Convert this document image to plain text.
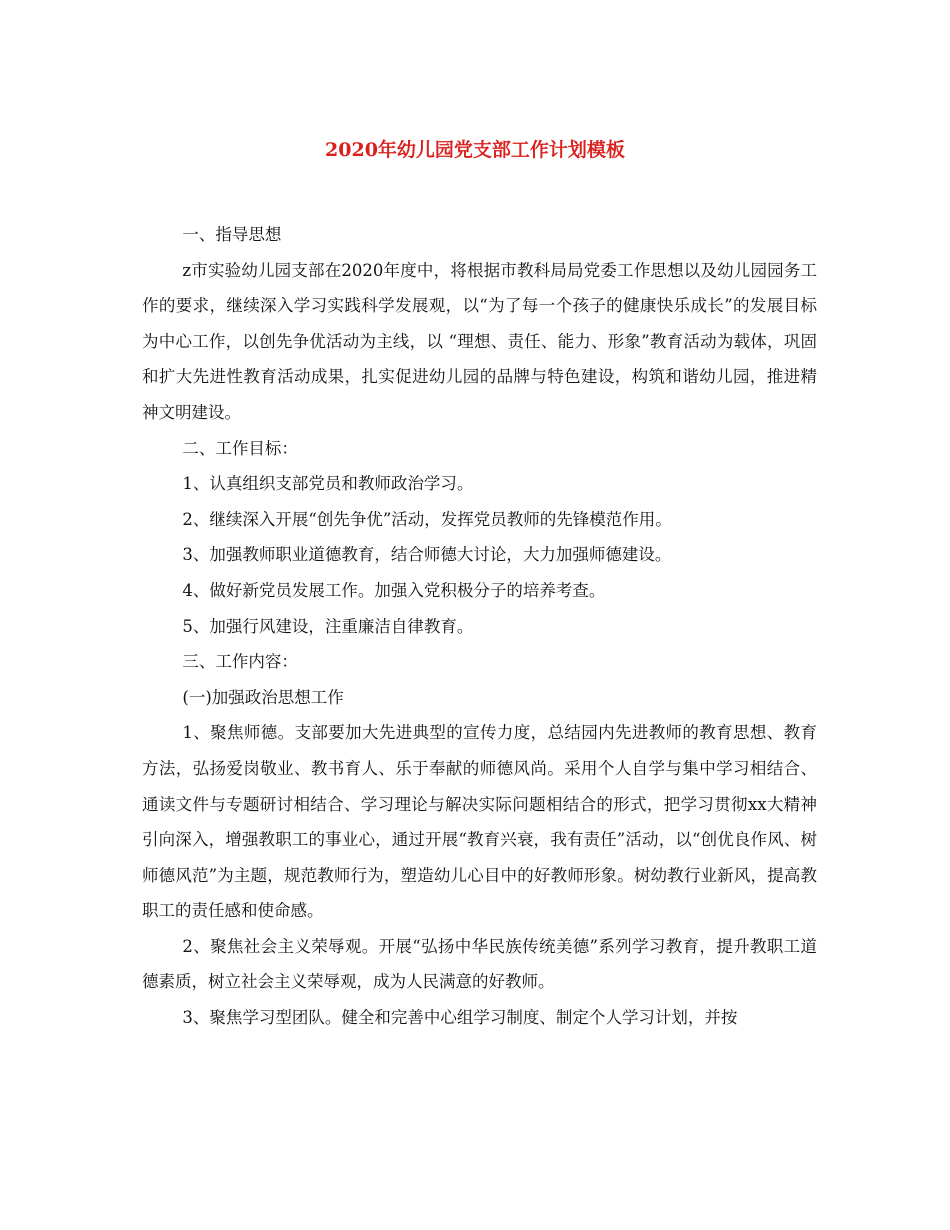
2020年幼儿园党支部工作计划模板

一、指导思想

z市实验幼儿园支部在2020年度中，将根据市教科局局党委工作思想以及幼儿园园务工作的要求，继续深入学习实践科学发展观，以“为了每一个孩子的健康快乐成长”的发展目标为中心工作，以创先争优活动为主线，以 “理想、责任、能力、形象”教育活动为载体，巩固和扩大先进性教育活动成果，扎实促进幼儿园的品牌与特色建设，构筑和谐幼儿园，推进精神文明建设。

二、工作目标：

1、认真组织支部党员和教师政治学习。

2、继续深入开展“创先争优”活动，发挥党员教师的先锋模范作用。

3、加强教师职业道德教育，结合师德大讨论，大力加强师德建设。

4、做好新党员发展工作。加强入党积极分子的培养考查。

5、加强行风建设，注重廉洁自律教育。

三、工作内容：

(一)加强政治思想工作

1、聚焦师德。支部要加大先进典型的宣传力度，总结园内先进教师的教育思想、教育方法，弘扬爱岗敬业、教书育人、乐于奉献的师德风尚。采用个人自学与集中学习相结合、通读文件与专题研讨相结合、学习理论与解决实际问题相结合的形式，把学习贯彻xx大精神引向深入，增强教职工的事业心，通过开展“教育兴衰，我有责任”活动，以“创优良作风、树师德风范”为主题，规范教师行为，塑造幼儿心目中的好教师形象。树幼教行业新风，提高教职工的责任感和使命感。

2、聚焦社会主义荣辱观。开展“弘扬中华民族传统美德”系列学习教育，提升教职工道德素质，树立社会主义荣辱观，成为人民满意的好教师。

3、聚焦学习型团队。健全和完善中心组学习制度、制定个人学习计划，并按
